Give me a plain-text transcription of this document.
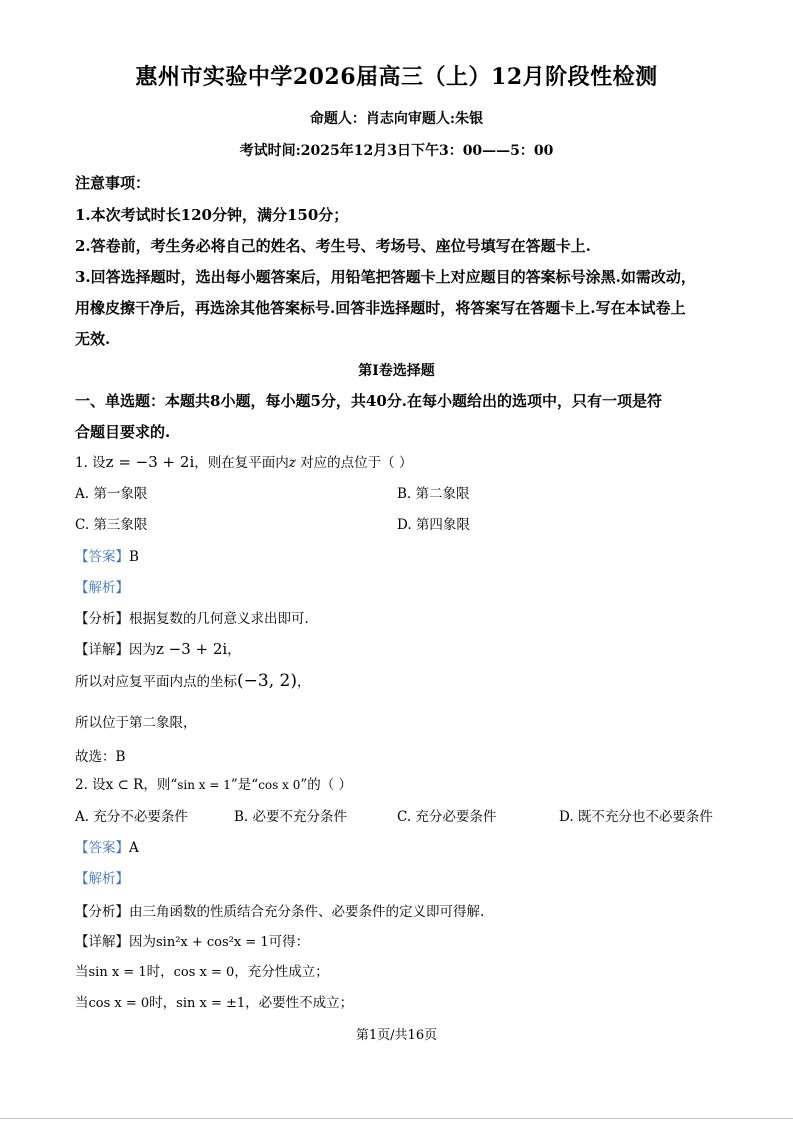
惠州市实验中学2026届高三（上）12月阶段性检测
命题人：肖志向审题人:朱银
考试时间:2025年12月3日下午3：00——5：00
注意事项：
1.本次考试时长120分钟，满分150分；
2.答卷前，考生务必将自己的姓名、考生号、考场号、座位号填写在答题卡上.
3.回答选择题时，选出每小题答案后，用铅笔把答题卡上对应题目的答案标号涂黑.如需改动，
用橡皮擦干净后，再选涂其他答案标号.回答非选择题时，将答案写在答题卡上.写在本试卷上
无效.
第I卷选择题
一、单选题：本题共8小题，每小题5分，共40分.在每小题给出的选项中，只有一项是符
合题目要求的.
1. 设z = −3 + 2i，则在复平面内z 对应的点位于（ ）
A. 第一象限	B. 第二象限
C. 第三象限	D. 第四象限
【答案】B
【解析】
【分析】根据复数的几何意义求出即可.
【详解】因为z −3 + 2i，
所以对应复平面内点的坐标(−3, 2)，
所以位于第二象限，
故选：B
2. 设x ⊂ R，则“sin x = 1”是“cos x 0”的（ ）
A. 充分不必要条件	B. 必要不充分条件	C. 充分必要条件	D. 既不充分也不必要条件
【答案】A
【解析】
【分析】由三角函数的性质结合充分条件、必要条件的定义即可得解.
【详解】因为sin²x + cos²x = 1可得：
当sin x = 1时，cos x = 0，充分性成立；
当cos x = 0时，sin x = ±1，必要性不成立；
第1页/共16页
